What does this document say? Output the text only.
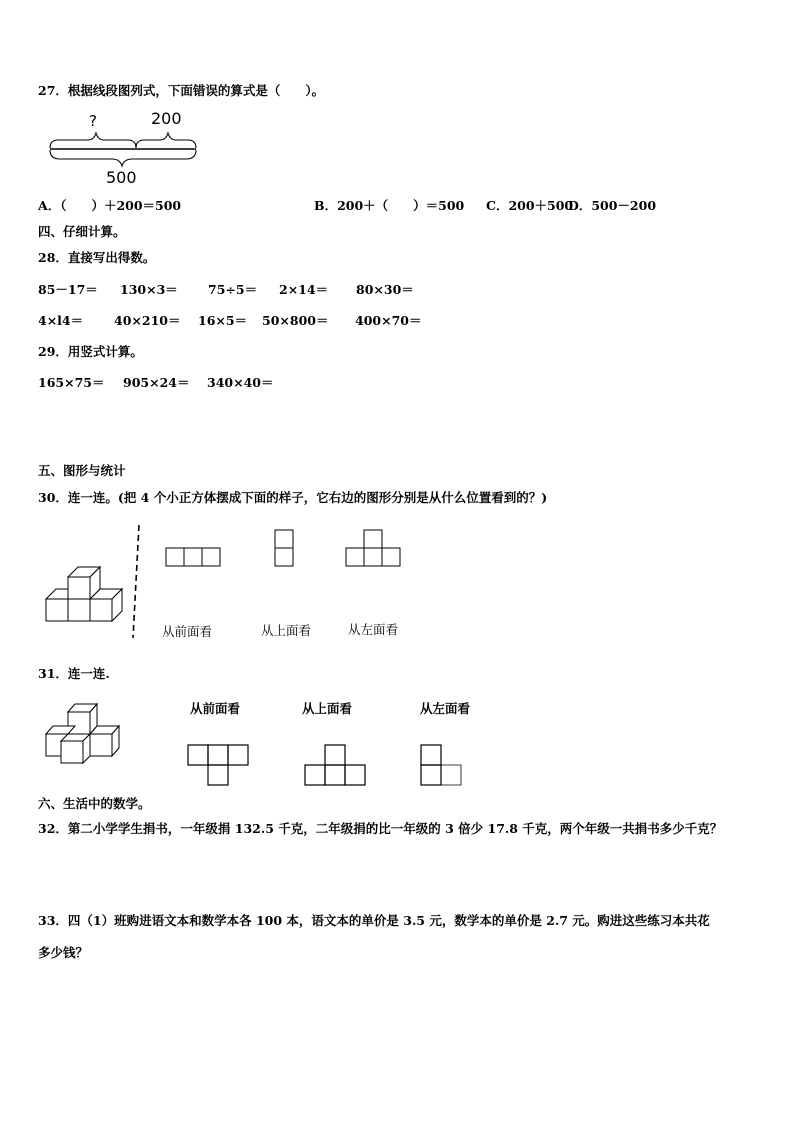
27．根据线段图列式，下面错误的算式是（　　）。
?	200
500
A．（　　）＋200＝500	B．200＋（　　）＝500 C．200＋500
D．500－200
四、仔细计算。
28．直接写出得数。
85－17＝ 130×3＝ 75÷5＝ 2×14＝ 80×30＝
4×l4＝ 40×210＝ 16×5＝ 50×800＝ 400×70＝
29．用竖式计算。
165×75＝ 905×24＝ 340×40＝
五、图形与统计
30．连一连。(把 4 个小正方体摆成下面的样子，它右边的图形分别是从什么位置看到的？)
从前面看	从上面看	从左面看
31．连一连.
从前面看	从上面看	从左面看
六、生活中的数学。
32．第二小学学生捐书，一年级捐 132.5 千克，二年级捐的比一年级的 3 倍少 17.8 千克，两个年级一共捐书多少千克？
33．四（1）班购进语文本和数学本各 100 本，语文本的单价是 3.5 元，数学本的单价是 2.7 元。购进这些练习本共花
多少钱？
